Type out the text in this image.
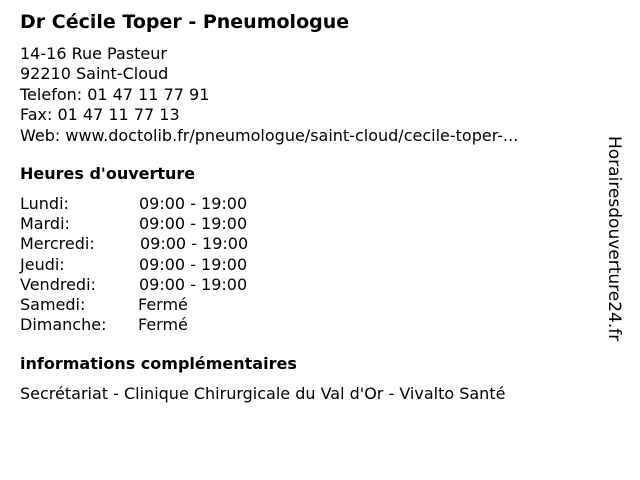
Dr Cécile Toper - Pneumologue
14-16 Rue Pasteur
92210 Saint-Cloud
Telefon: 01 47 11 77 91
Fax: 01 47 11 77 13
Web: www.doctolib.fr/pneumologue/saint-cloud/cecile-toper-...
Heures d'ouverture
Lundi:	09:00 - 19:00
Mardi:	09:00 - 19:00
Mercredi:	09:00 - 19:00
Jeudi:	09:00 - 19:00
Vendredi:	09:00 - 19:00
Samedi:	Fermé
Dimanche: Fermé
informations complémentaires
Secrétariat - Clinique Chirurgicale du Val d'Or - Vivalto Santé
Horairesdouverture24.fr
